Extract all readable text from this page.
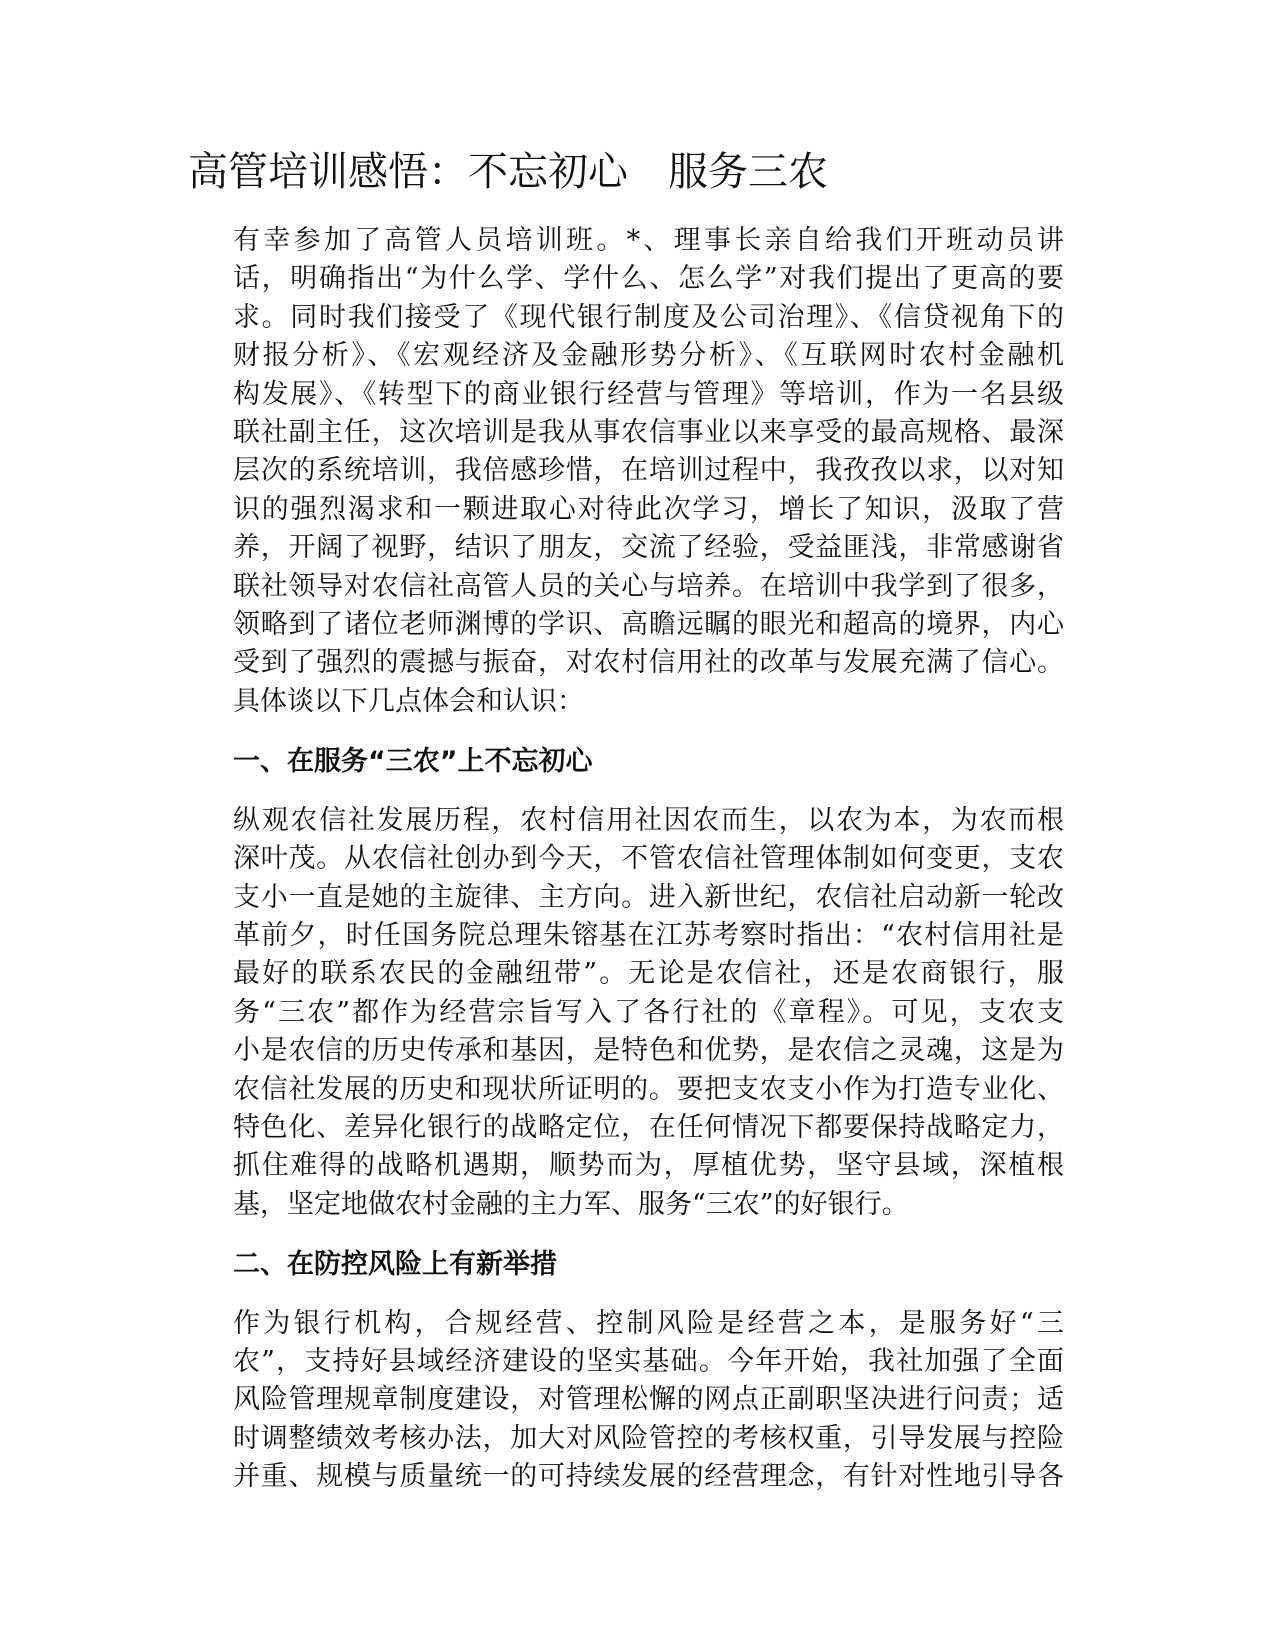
高管培训感悟：不忘初心　服务三农
有幸参加了高管人员培训班。*、理事长亲自给我们开班动员讲
话，明确指出“为什么学、学什么、怎么学”对我们提出了更高的要
求。同时我们接受了《现代银行制度及公司治理》、《信贷视角下的
财报分析》、《宏观经济及金融形势分析》、《互联网时农村金融机
构发展》、《转型下的商业银行经营与管理》等培训，作为一名县级
联社副主任，这次培训是我从事农信事业以来享受的最高规格、最深
层次的系统培训，我倍感珍惜，在培训过程中，我孜孜以求，以对知
识的强烈渴求和一颗进取心对待此次学习，增长了知识，汲取了营
养，开阔了视野，结识了朋友，交流了经验，受益匪浅，非常感谢省
联社领导对农信社高管人员的关心与培养。在培训中我学到了很多，
领略到了诸位老师渊博的学识、高瞻远瞩的眼光和超高的境界，内心
受到了强烈的震撼与振奋，对农村信用社的改革与发展充满了信心。
具体谈以下几点体会和认识：
一、在服务“三农”上不忘初心
纵观农信社发展历程，农村信用社因农而生，以农为本，为农而根
深叶茂。从农信社创办到今天，不管农信社管理体制如何变更，支农
支小一直是她的主旋律、主方向。进入新世纪，农信社启动新一轮改
革前夕，时任国务院总理朱镕基在江苏考察时指出：“农村信用社是
最好的联系农民的金融纽带”。无论是农信社，还是农商银行，服
务“三农”都作为经营宗旨写入了各行社的《章程》。可见，支农支
小是农信的历史传承和基因，是特色和优势，是农信之灵魂，这是为
农信社发展的历史和现状所证明的。要把支农支小作为打造专业化、
特色化、差异化银行的战略定位，在任何情况下都要保持战略定力，
抓住难得的战略机遇期，顺势而为，厚植优势，坚守县域，深植根
基，坚定地做农村金融的主力军、服务“三农”的好银行。
二、在防控风险上有新举措
作为银行机构，合规经营、控制风险是经营之本，是服务好“三
农”，支持好县域经济建设的坚实基础。今年开始，我社加强了全面
风险管理规章制度建设，对管理松懈的网点正副职坚决进行问责；适
时调整绩效考核办法，加大对风险管控的考核权重，引导发展与控险
并重、规模与质量统一的可持续发展的经营理念，有针对性地引导各
